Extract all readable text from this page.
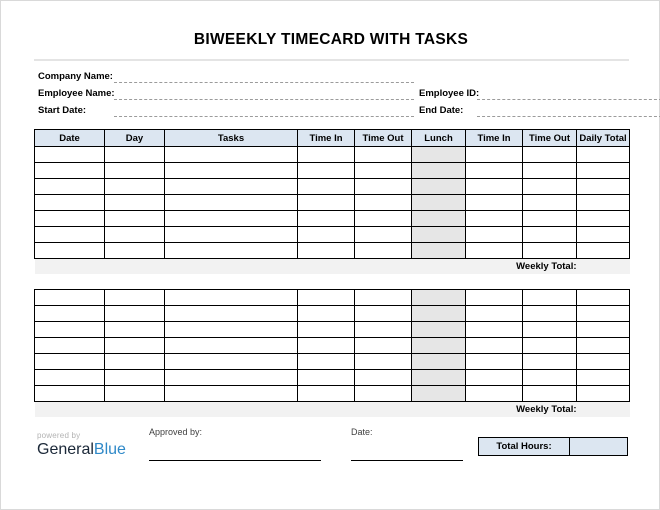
BIWEEKLY TIMECARD WITH TASKS
Company Name:
Employee Name:	Employee ID:
Start Date:	End Date:
Date	Day	Tasks	Time In	Time Out	Lunch	Time In	Time Out	Daily Total

Weekly Total:								

Weekly Total:								
powered by
GeneralBlue
Approved by:	Date:
Total Hours:	
